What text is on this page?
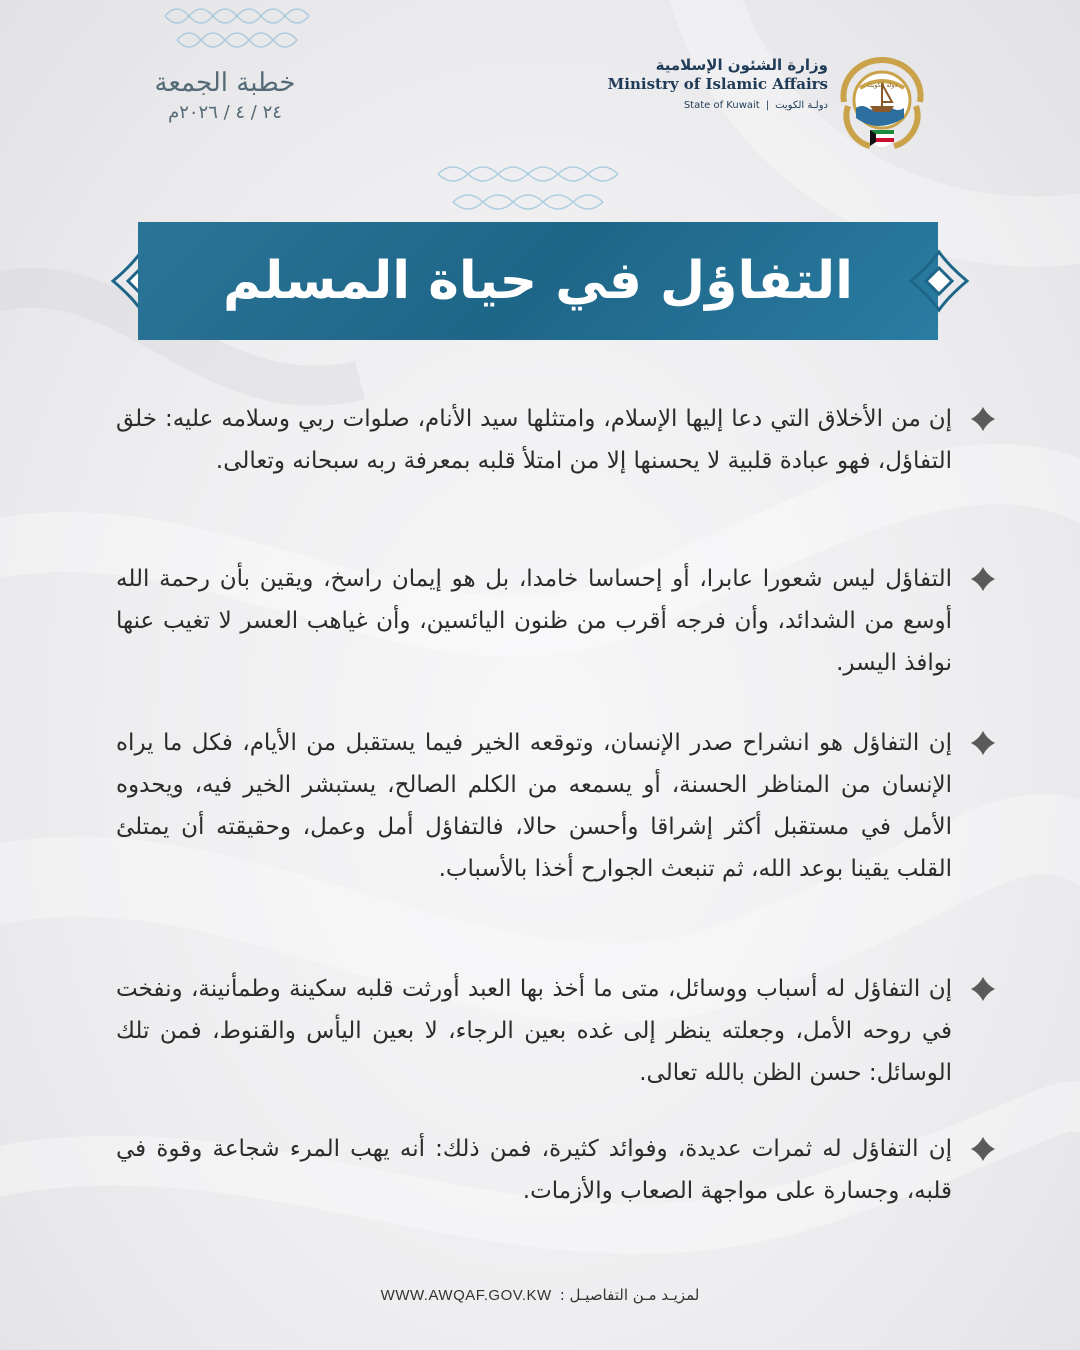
خطبة الجمعة
٢٤ / ٤ / ٢٠٢٦م
وزارة الشئون الإسلامية
Ministry of Islamic Affairs
State of Kuwait | دولـة الكويت
دولة الكويت
التفاؤل في حياة المسلم
إن من الأخلاق التي دعا إليها الإسلام، وامتثلها سيد الأنام، صلوات ربي وسلامه عليه: خلق التفاؤل، فهو عبادة قلبية لا يحسنها إلا من امتلأ قلبه بمعرفة ربه سبحانه وتعالى.
التفاؤل ليس شعورا عابرا، أو إحساسا خامدا، بل هو إيمان راسخ، ويقين بأن رحمة الله أوسع من الشدائد، وأن فرجه أقرب من ظنون اليائسين، وأن غياهب العسر لا تغيب عنها نوافذ اليسر.
إن التفاؤل هو انشراح صدر الإنسان، وتوقعه الخير فيما يستقبل من الأيام، فكل ما يراه الإنسان من المناظر الحسنة، أو يسمعه من الكلم الصالح، يستبشر الخير فيه، ويحدوه الأمل في مستقبل أكثر إشراقا وأحسن حالا، فالتفاؤل أمل وعمل، وحقيقته أن يمتلئ القلب يقينا بوعد الله، ثم تنبعث الجوارح أخذا بالأسباب.
إن التفاؤل له أسباب ووسائل، متى ما أخذ بها العبد أورثت قلبه سكينة وطمأنينة، ونفخت في روحه الأمل، وجعلته ينظر إلى غده بعين الرجاء، لا بعين اليأس والقنوط، فمن تلك الوسائل: حسن الظن بالله تعالى.
إن التفاؤل له ثمرات عديدة، وفوائد كثيرة، فمن ذلك: أنه يهب المرء شجاعة وقوة في قلبه، وجسارة على مواجهة الصعاب والأزمات.
WWW.AWQAF.GOV.KW لمزيـد مـن التفاصيـل :
